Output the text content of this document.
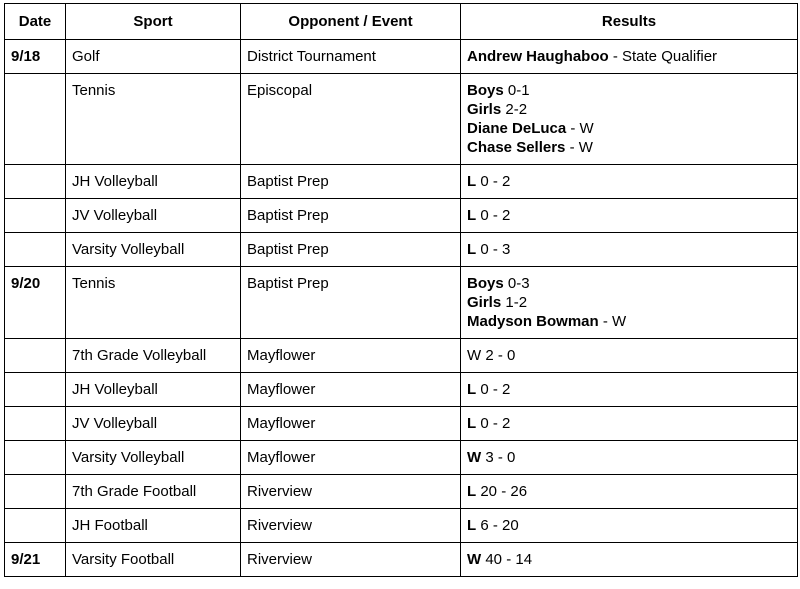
Date	Sport	Opponent / Event	Results
9/18	Golf	District Tournament	Andrew Haughaboo - State Qualifier

	Tennis	Episcopal	Boys 0-1
Girls 2-2
Diane DeLuca - W
Chase Sellers - W

	JH Volleyball	Baptist Prep	L 0 - 2

	JV Volleyball	Baptist Prep	L 0 - 2

	Varsity Volleyball	Baptist Prep	L 0 - 3

9/20	Tennis	Baptist Prep	Boys 0-3
Girls 1-2
Madyson Bowman - W

	7th Grade Volleyball	Mayflower	W 2 - 0

	JH Volleyball	Mayflower	L 0 - 2

	JV Volleyball	Mayflower	L 0 - 2

	Varsity Volleyball	Mayflower	W 3 - 0

	7th Grade Football	Riverview	L 20 - 26

	JH Football	Riverview	L 6 - 20

9/21	Varsity Football	Riverview	W 40 - 14
